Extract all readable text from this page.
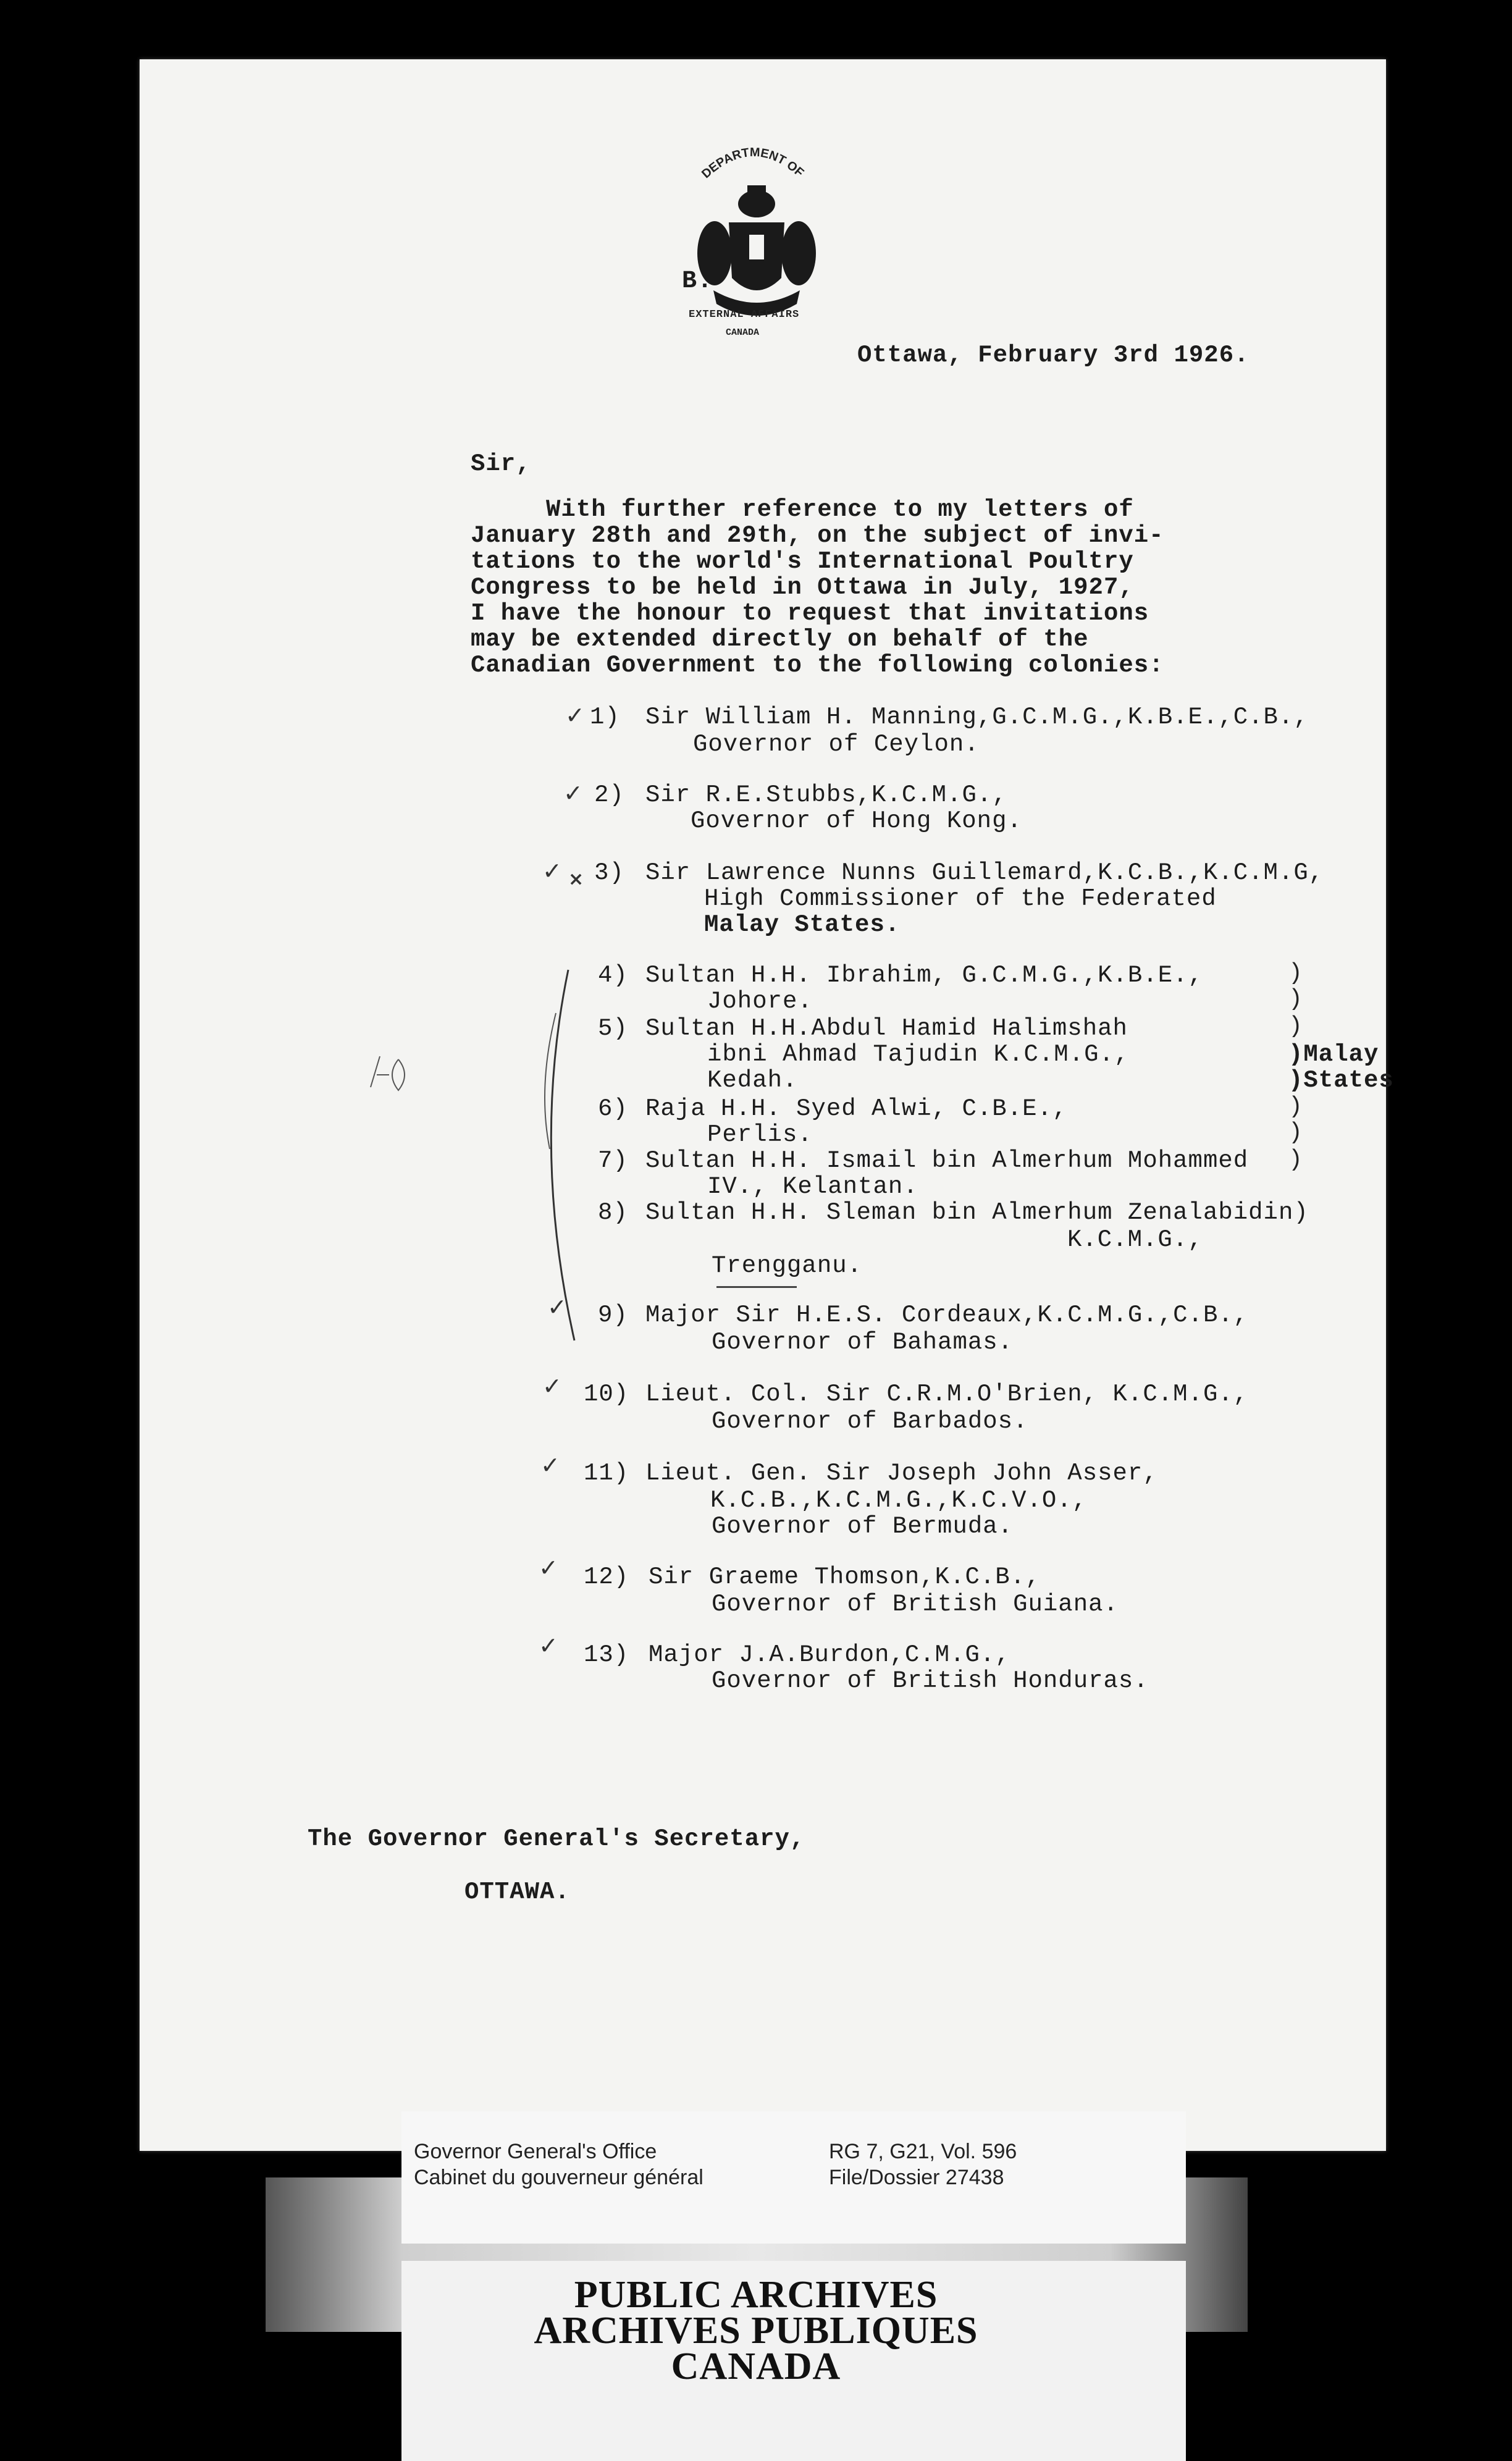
DEPARTMENT OF
B.
EXTERNAL AFFAIRS
CANADA
Ottawa, February 3rd 1926.
Sir,
With further reference to my letters of
January 28th and 29th, on the subject of invi-
tations to the world's International Poultry
Congress to be held in Ottawa in July, 1927,
I have the honour to request that invitations
may be extended directly on behalf of the
Canadian Government to the following colonies:
1) Sir William H. Manning,G.C.M.G.,K.B.E.,C.B.,
Governor of Ceylon.
2) Sir R.E.Stubbs,K.C.M.G.,
Governor of Hong Kong.
3) Sir Lawrence Nunns Guillemard,K.C.B.,K.C.M.G,
High Commissioner of the Federated
Malay States.
4) Sultan H.H. Ibrahim, G.C.M.G.,K.B.E.,
Johore.
5) Sultan H.H.Abdul Hamid Halimshah
ibni Ahmad Tajudin K.C.M.G.,
Kedah.
6) Raja H.H. Syed Alwi, C.B.E.,
Perlis.
7) Sultan H.H. Ismail bin Almerhum Mohammed
IV., Kelantan.
8) Sultan H.H. Sleman bin Almerhum Zenalabidin)
K.C.M.G.,
Trengganu.
9) Major Sir H.E.S. Cordeaux,K.C.M.G.,C.B.,
Governor of Bahamas.
10) Lieut. Col. Sir C.R.M.O'Brien, K.C.M.G.,
Governor of Barbados.
11) Lieut. Gen. Sir Joseph John Asser,
K.C.B.,K.C.M.G.,K.C.V.O.,
Governor of Bermuda.
12) Sir Graeme Thomson,K.C.B.,
Governor of British Guiana.
13) Major J.A.Burdon,C.M.G.,
Governor of British Honduras.
)
)
)
)
)
)
)Malay
)States
✓
✓
✓ ×
✓
✓
✓
✓
✓
The Governor General's Secretary,
OTTAWA.
Governor General's Office
Cabinet du gouverneur général
RG 7, G21, Vol. 596
File/Dossier 27438
PUBLIC ARCHIVES
ARCHIVES PUBLIQUES
CANADA
